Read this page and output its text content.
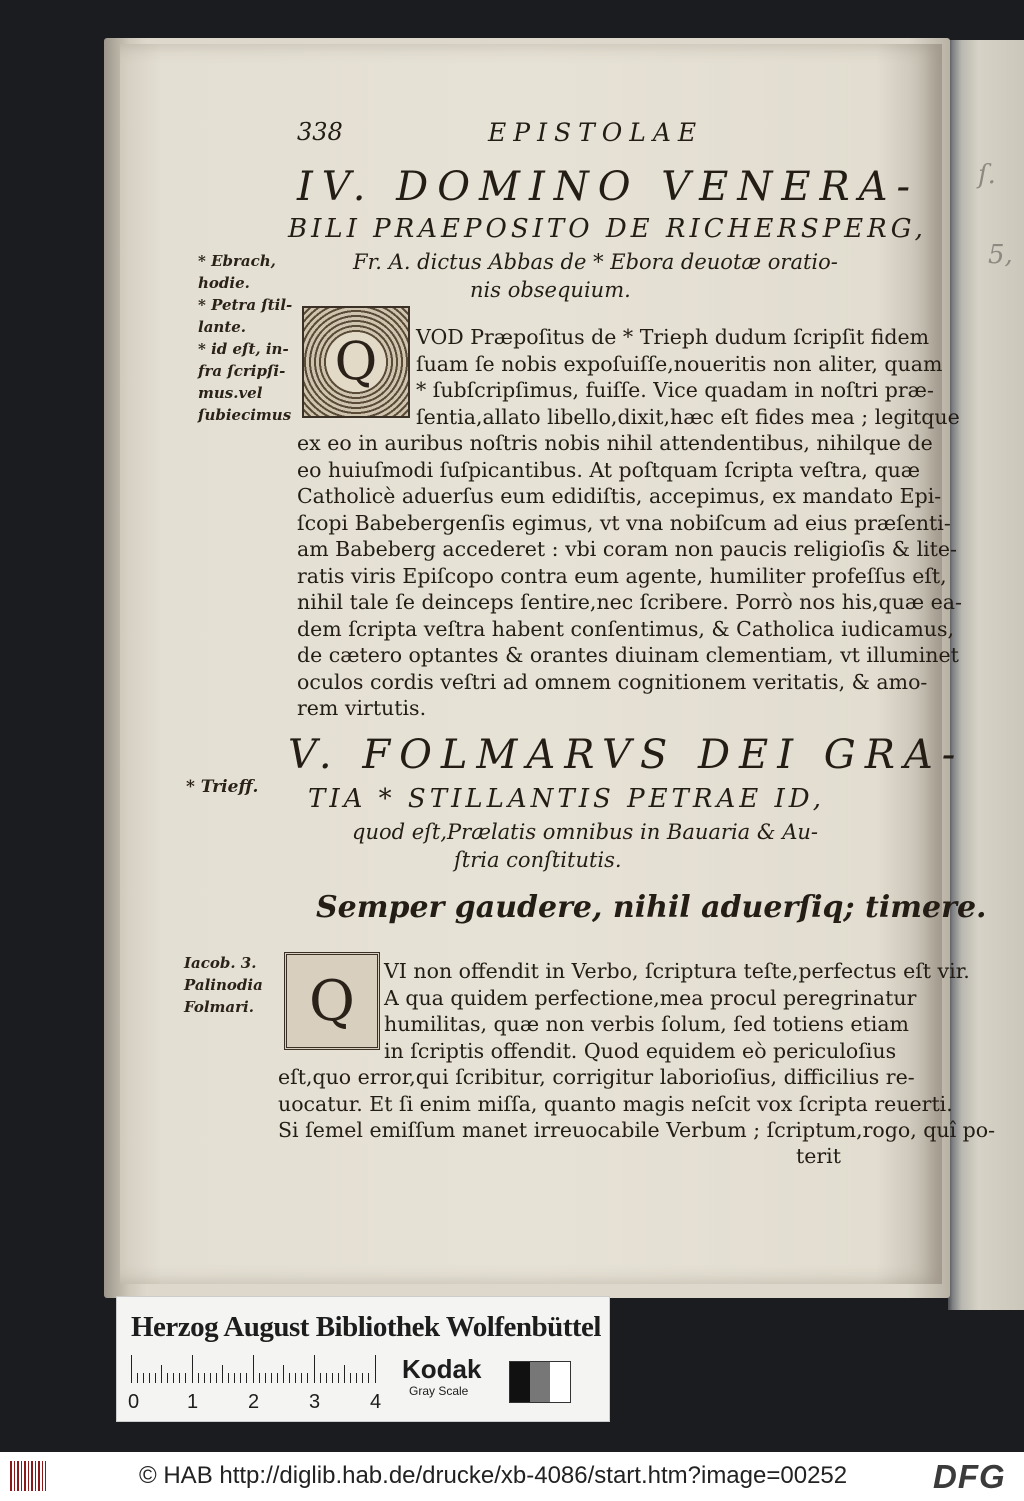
ſ.
5,
338	EPISTOLAE
IV. DOMINO VENERA-
BILI PRAEPOSITO DE RICHERSPERG,
Fr. A. dictus Abbas de * Ebora deuotæ oratio-
nis obsequium.
* Ebrach,
hodie.
* Petra ſtil-
lante.
* id eſt, in-
fra ſcripſi-
mus.vel
ſubiecimus
Q	VOD Præpoſitus de * Trieph dudum ſcripſit fidem
ſuam ſe nobis expoſuiſſe,noueritis non aliter, quam
* ſubſcripſimus, fuiſſe. Vice quadam in noſtri præ-
ſentia,allato libello,dixit,hæc eſt fides mea ; legitque
ex eo in auribus noſtris nobis nihil attendentibus, nihilque de
eo huiuſmodi ſuſpicantibus. At poſtquam ſcripta veſtra, quæ
Catholicè aduerſus eum edidiſtis, accepimus, ex mandato Epi-
ſcopi Babebergenſis egimus, vt vna nobiſcum ad eius præſenti-
am Babeberg accederet : vbi coram non paucis religioſis & lite-
ratis viris Epiſcopo contra eum agente, humiliter profeſſus eſt,
nihil tale ſe deinceps ſentire,nec ſcribere. Porrò nos his,quæ ea-
dem ſcripta veſtra habent conſentimus, & Catholica iudicamus,
de cætero optantes & orantes diuinam clementiam, vt illuminet
oculos cordis veſtri ad omnem cognitionem veritatis, & amo-
rem virtutis.
* Trieff.
V. FOLMARVS DEI GRA-
TIA * STILLANTIS PETRAE ID,
quod eſt,Prælatis omnibus in Bauaria & Au-
ſtria conſtitutis.
Semper gaudere, nihil aduerſiq; timere.
Iacob. 3.
Palinodia
Folmari. Q VI non offendit in Verbo, ſcriptura teſte,perfectus eſt vir.
A qua quidem perfectione,mea procul peregrinatur
humilitas, quæ non verbis ſolum, ſed totiens etiam
in ſcriptis offendit. Quod equidem eò periculoſius
eſt,quo error,qui ſcribitur, corrigitur laborioſius, difficilius re-
uocatur. Et ſi enim miſſa, quanto magis neſcit vox ſcripta reuerti.
Si ſemel emiſſum manet irreuocabile Verbum ; ſcriptum,rogo, quî po-
terit
Herzog August Bibliothek Wolfenbüttel
0 1 2 3 4
Kodak
Gray Scale
© HAB http://diglib.hab.de/drucke/xb-4086/start.htm?image=00252	DFG
